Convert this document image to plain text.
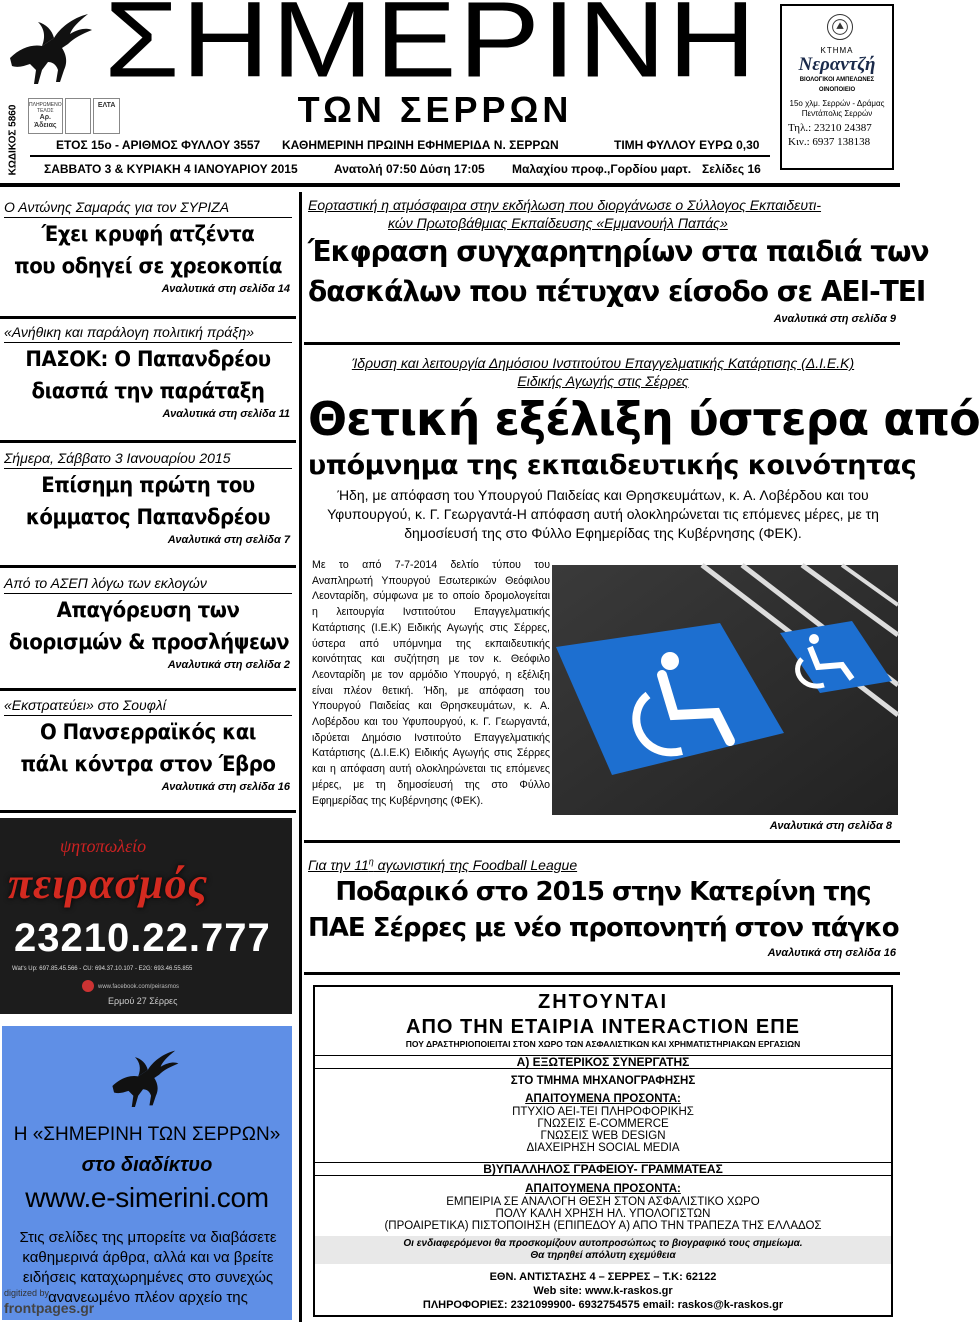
ΣΗΜΕΡΙΝΗ
ΤΩΝ ΣΕΡΡΩΝ
ΚΩΔΙΚΟΣ 5860 ΠΛΗΡΩΜΕΝΟ ΤΕΛΟΣ
Αρ. Άδειας
ΕΛΤΑ
ΕΤΟΣ 15ο - ΑΡΙΘΜΟΣ ΦΥΛΛΟΥ 3557 ΚΑΘΗΜΕΡΙΝΗ ΠΡΩΙΝΗ ΕΦΗΜΕΡΙΔΑ Ν. ΣΕΡΡΩΝ	ΤΙΜΗ ΦΥΛΛΟΥ ΕΥΡΩ 0,30
ΣΑΒΒΑΤΟ 3 & ΚΥΡΙΑΚΗ 4 ΙΑΝΟΥΑΡΙΟΥ 2015	Ανατολή 07:50 Δύση 17:05 Μαλαχίου προφ.,Γορδίου μαρτ. Σελίδες 16
ΚΤΗΜΑ
Νεραντζή
ΒΙΟΛΟΓΙΚΟΙ ΑΜΠΕΛΩΝΕΣ
ΟΙΝΟΠΟΙΕΙΟ
15ο χλμ. Σερρών - Δράμας Πεντάπολις Σερρών
Τηλ.: 23210 24387
Κιν.: 6937 138138
Ο Αντώνης Σαμαράς για τον ΣΥΡΙΖΑ
Έχει κρυφή ατζέντα
που οδηγεί σε χρεοκοπία
Αναλυτικά στη σελίδα 14
«Ανήθικη και παράλογη πολιτική πράξη»
ΠΑΣΟΚ: Ο Παπανδρέου
διασπά την παράταξη
Αναλυτικά στη σελίδα 11
Σήμερα, Σάββατο 3 Ιανουαρίου 2015
Επίσημη πρώτη του
κόμματος Παπανδρέου
Αναλυτικά στη σελίδα 7
Από το ΑΣΕΠ λόγω των εκλογών
Απαγόρευση των
διορισμών & προσλήψεων
Αναλυτικά στη σελίδα 2
«Εκστρατεύει» στο Σουφλί
Ο Πανσερραϊκός και
πάλι κόντρα στον Έβρο
Αναλυτικά στη σελίδα 16
ψητοπωλείο
πειρασμός
23210.22.777
Wat's Up: 697.85.45.566 - CU: 694.37.10.107 - E2G: 693.46.55.855
www.facebook.com/peirasmos
Ερμού 27 Σέρρες
Η «ΣΗΜΕΡΙΝΗ ΤΩΝ ΣΕΡΡΩΝ»
στο διαδίκτυο
www.e-simerini.com
Στις σελίδες της μπορείτε να διαβάσετε καθημερινά άρθρα, αλλά και να βρείτε ειδήσεις καταχωρημένες στο συνεχώς ανανεωμένο πλέον αρχείο της
digitized by
frontpages.gr
Εορταστική η ατμόσφαιρα στην εκδήλωση που διοργάνωσε ο Σύλλογος Εκπαιδευτι-
κών Πρωτοβάθμιας Εκπαίδευσης «Εμμανουήλ Παπάς»
Έκφραση συγχαρητηρίων στα παιδιά των
δασκάλων που πέτυχαν είσοδο σε ΑΕΙ-ΤΕΙ
Αναλυτικά στη σελίδα 9
Ίδρυση και λειτουργία Δημόσιου Ινστιτούτου Επαγγελματικής Κατάρτισης (Δ.Ι.Ε.Κ)
Ειδικής Αγωγής στις Σέρρες
Θετική εξέλιξη ύστερα από
υπόμνημα της εκπαιδευτικής κοινότητας
Ήδη, με απόφαση του Υπουργού Παιδείας και Θρησκευμάτων, κ. Α. Λοβέρδου και του Υφυπουργού, κ. Γ. Γεωργαντά-Η απόφαση αυτή ολοκληρώνεται τις επόμενες μέρες, με τη δημοσίευσή της στο Φύλλο Εφημερίδας της Κυβέρνησης (ΦΕΚ).
Με το από 7-7-2014 δελτίο τύπου του Αναπληρωτή Υπουργού Εσωτερικών Θεόφιλου Λεονταρίδη, σύμφωνα με το οποίο δρομολογείται η λειτουργία Ινστιτούτου Επαγγελματικής Κατάρτισης (Ι.Ε.Κ) Ειδικής Αγωγής στις Σέρρες, ύστερα από υπόμνημα της εκπαιδευτικής κοινότητας και συζήτηση με τον κ. Θεόφιλο Λεονταρίδη με τον αρμόδιο Υπουργό, η εξέλιξη είναι πλέον θετική. Ήδη, με απόφαση του Υπουργού Παιδείας και Θρησκευμάτων, κ. Α. Λοβέρδου και του Υφυπουργού, κ. Γ. Γεωργαντά, ιδρύεται Δημόσιο Ινστιτούτο Επαγγελματικής Κατάρτισης (Δ.Ι.Ε.Κ) Ειδικής Αγωγής στις Σέρρες και η απόφαση αυτή ολοκληρώνεται τις επόμενες μέρες, με τη δημοσίευσή της στο Φύλλο Εφημερίδας της Κυβέρνησης (ΦΕΚ).
Αναλυτικά στη σελίδα 8
Για την $11^\eta$ αγωνιστική της Foodball League
Ποδαρικό στο 2015 στην Κατερίνη της
ΠΑΕ Σέρρες με νέο προπονητή στον πάγκο
Αναλυτικά στη σελίδα 16
ΖΗΤΟΥΝΤΑΙ
ΑΠΟ ΤΗΝ ΕΤΑΙΡΙΑ INTERACTION ΕΠΕ
ΠΟΥ ΔΡΑΣΤΗΡΙΟΠΟΙΕΙΤΑΙ ΣΤΟΝ ΧΩΡΟ ΤΩΝ ΑΣΦΑΛΙΣΤΙΚΩΝ ΚΑΙ ΧΡΗΜΑΤΙΣΤΗΡΙΑΚΩΝ ΕΡΓΑΣΙΩΝ
Α) ΕΞΩΤΕΡΙΚΟΣ ΣΥΝΕΡΓΑΤΗΣ
ΣΤΟ ΤΜΗΜΑ ΜΗΧΑΝΟΓΡΑΦΗΣΗΣ
ΑΠΑΙΤΟΥΜΕΝΑ ΠΡΟΣΟΝΤΑ:
ΠΤΥΧΙΟ ΑΕΙ-ΤΕΙ ΠΛΗΡΟΦΟΡΙΚΗΣ
ΓΝΩΣΕΙΣ E-COMMERCE
ΓΝΩΣΕΙΣ WEB DESIGN
ΔΙΑΧΕΙΡΗΣΗ SOCIAL MEDIA
Β)ΥΠΑΛΛΗΛΟΣ ΓΡΑΦΕΙΟΥ- ΓΡΑΜΜΑΤΕΑΣ
ΑΠΑΙΤΟΥΜΕΝΑ ΠΡΟΣΟΝΤΑ:
ΕΜΠΕΙΡΙΑ ΣΕ ΑΝΑΛΟΓΗ ΘΕΣΗ ΣΤΟΝ ΑΣΦΑΛΙΣΤΙΚΟ ΧΩΡΟ
ΠΟΛΥ ΚΑΛΗ ΧΡΗΣΗ ΗΛ. ΥΠΟΛΟΓΙΣΤΩΝ
(ΠΡΟΑΙΡΕΤΙΚΑ) ΠΙΣΤΟΠΟΙΗΣΗ (ΕΠΙΠΕΔΟΥ Α) ΑΠΟ ΤΗΝ ΤΡΑΠΕΖΑ ΤΗΣ ΕΛΛΑΔΟΣ
Οι ενδιαφερόμενοι θα προσκομίζουν αυτοπροσώπως το βιογραφικό τους σημείωμα.
Θα τηρηθεί απόλυτη εχεμύθεια
ΕΘΝ. ΑΝΤΙΣΤΑΣΗΣ 4 – ΣΕΡΡΕΣ – Τ.Κ: 62122
Web site: www.k-raskos.gr
ΠΛΗΡΟΦΟΡΙΕΣ: 2321099900- 6932754575 email: raskos@k-raskos.gr
